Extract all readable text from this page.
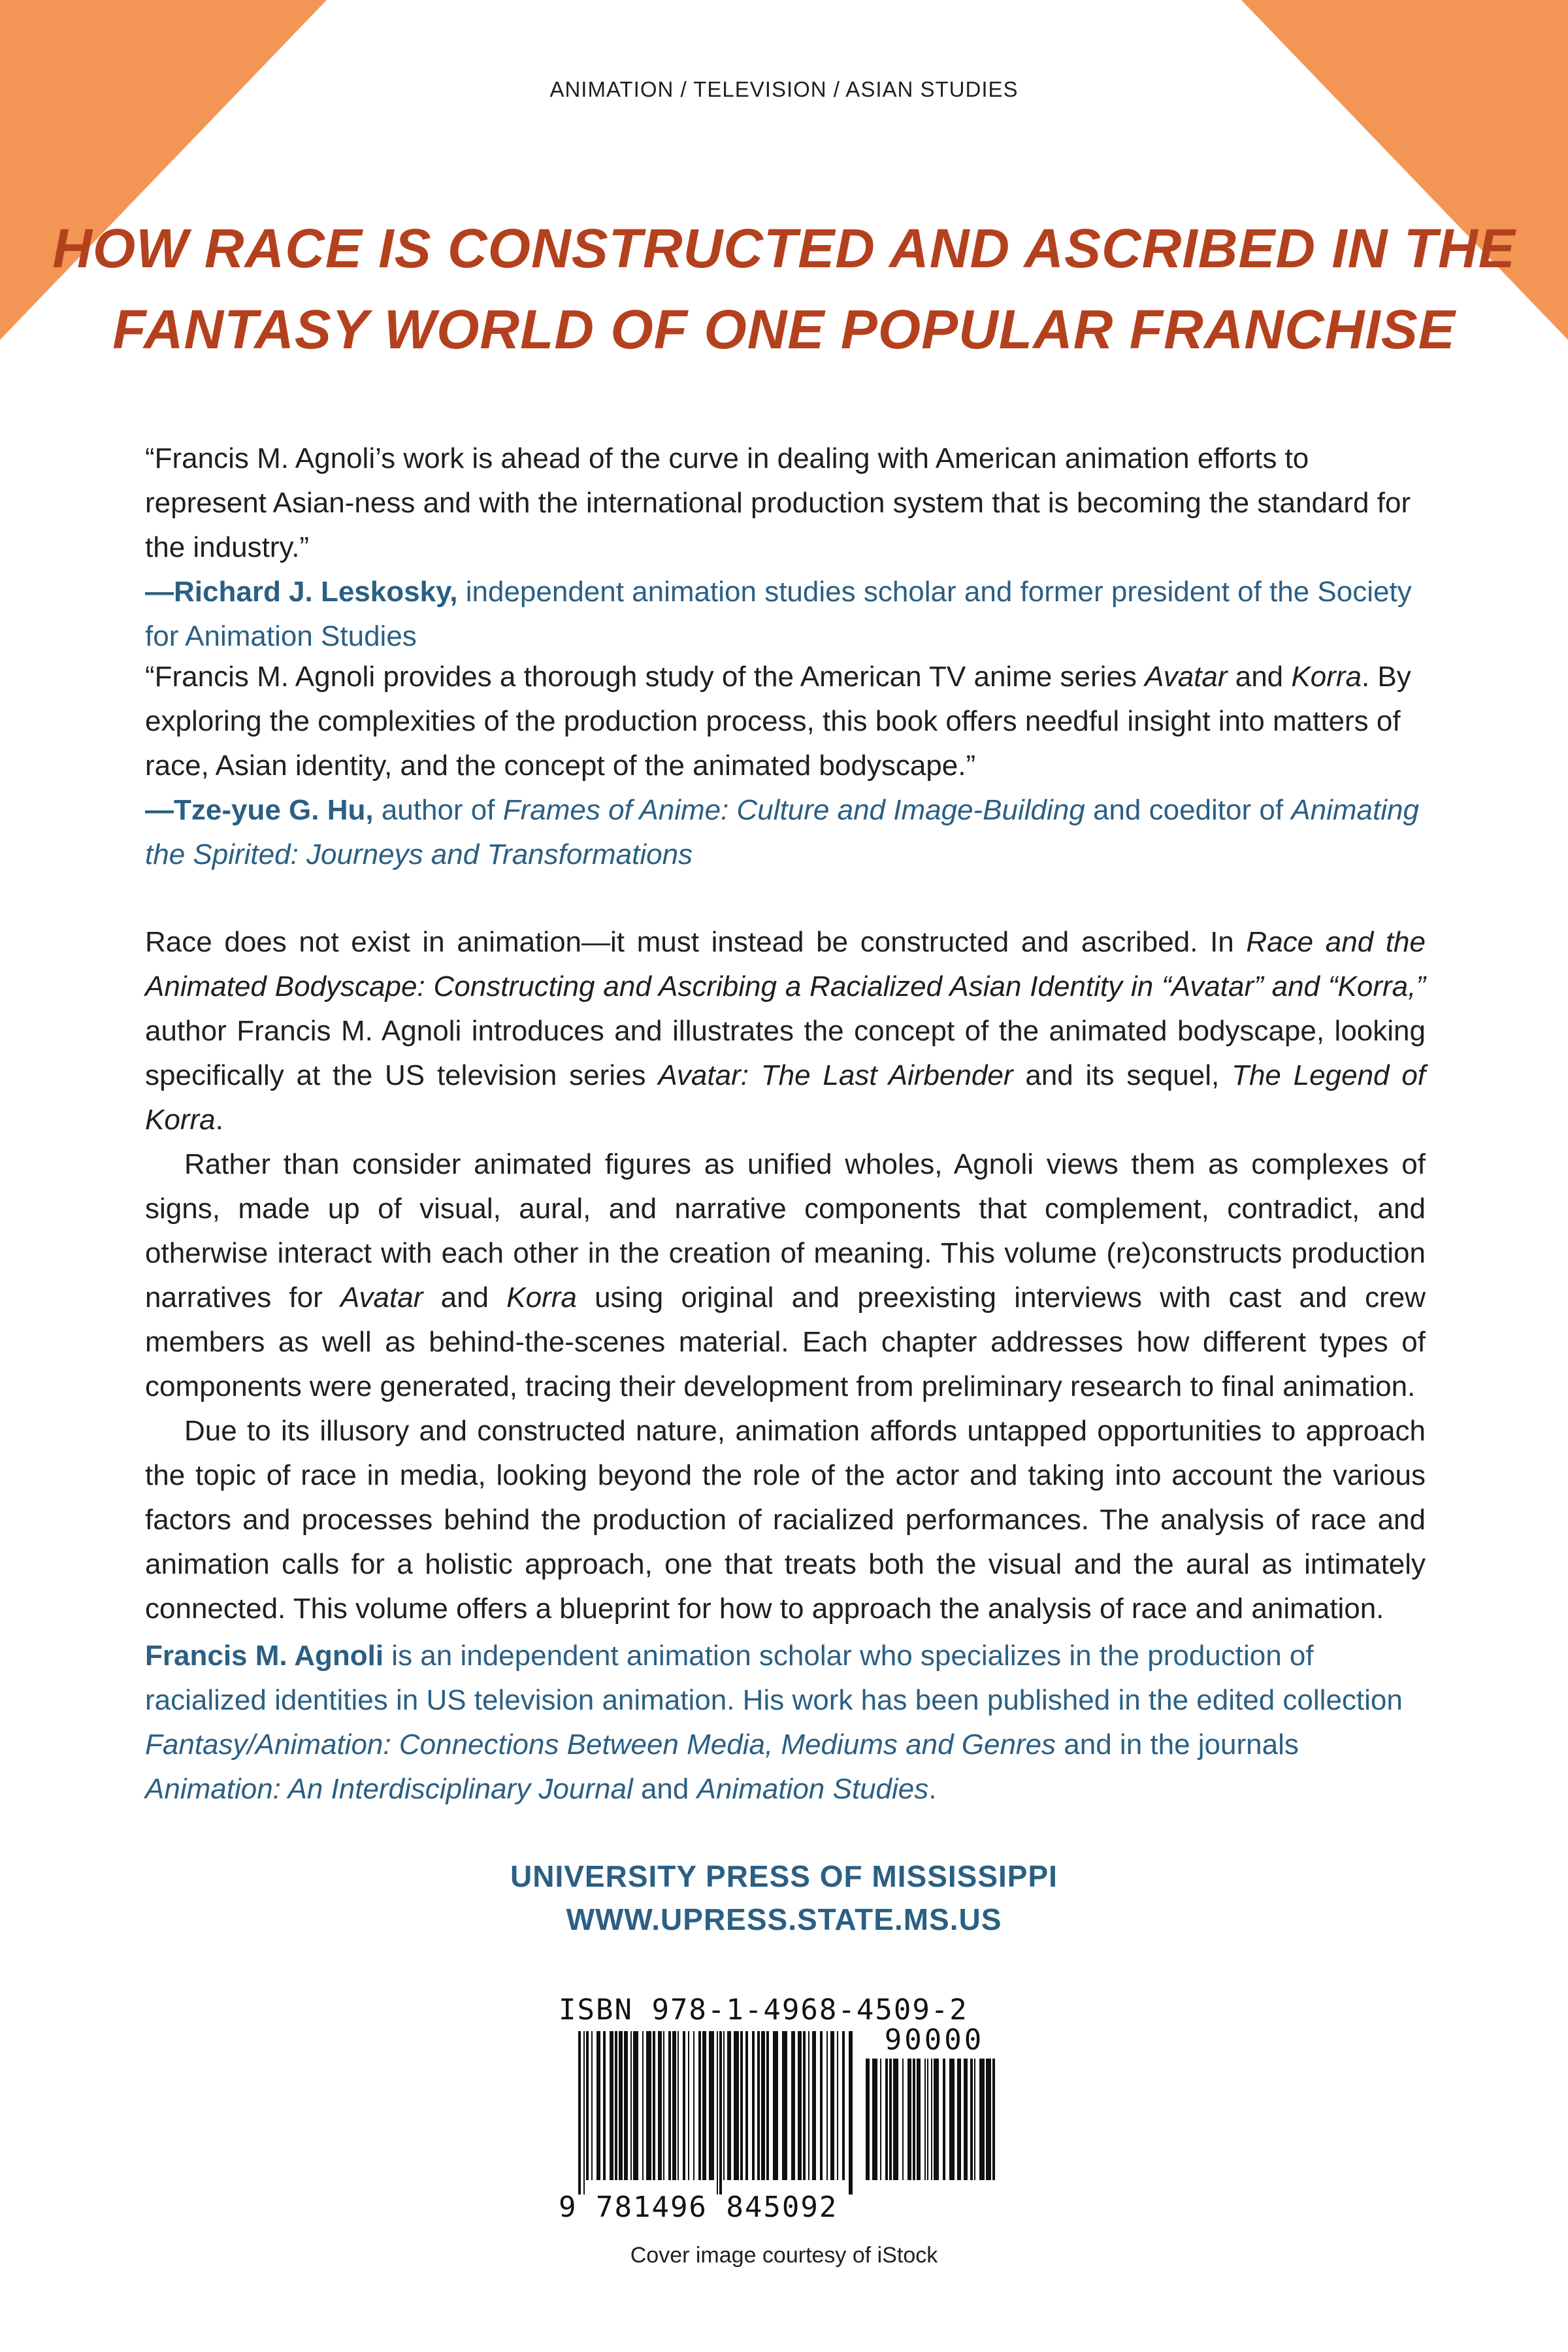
ANIMATION / TELEVISION / ASIAN STUDIES
HOW RACE IS CONSTRUCTED AND ASCRIBED IN THE
FANTASY WORLD OF ONE POPULAR FRANCHISE
“Francis M. Agnoli’s work is ahead of the curve in dealing with American animation efforts to represent Asian-ness and with the international production system that is becoming the standard for the industry.”
—Richard J. Leskosky, independent animation studies scholar and former president of the Society for Animation Studies
“Francis M. Agnoli provides a thorough study of the American TV anime series Avatar and Korra. By exploring the complexities of the production process, this book offers needful insight into matters of race, Asian identity, and the concept of the animated bodyscape.”
—Tze-yue G. Hu, author of Frames of Anime: Culture and Image-Building and coeditor of Animating the Spirited: Journeys and Transformations

Race does not exist in animation—it must instead be constructed and ascribed. In Race and the Animated Bodyscape: Constructing and Ascribing a Racialized Asian Identity in “Avatar” and “Korra,” author Francis M. Agnoli introduces and illustrates the concept of the animated bodyscape, looking specifically at the US television series Avatar: The Last Airbender and its sequel, The Legend of Korra.

Rather than consider animated figures as unified wholes, Agnoli views them as complexes of signs, made up of visual, aural, and narrative components that complement, contradict, and otherwise interact with each other in the creation of meaning. This volume (re)constructs production narratives for Avatar and Korra using original and preexisting interviews with cast and crew members as well as behind-the-scenes material. Each chapter addresses how different types of components were generated, tracing their development from preliminary research to final animation.

Due to its illusory and constructed nature, animation affords untapped opportunities to approach the topic of race in media, looking beyond the role of the actor and taking into account the various factors and processes behind the production of racialized performances. The analysis of race and animation calls for a holistic approach, one that treats both the visual and the aural as intimately connected. This volume offers a blueprint for how to approach the analysis of race and animation.

Francis M. Agnoli is an independent animation scholar who specializes in the production of racialized identities in US television animation. His work has been published in the edited collection Fantasy/Animation: Connections Between Media, Mediums and Genres and in the journals Animation: An Interdisciplinary Journal and Animation Studies.
UNIVERSITY PRESS OF MISSISSIPPI
WWW.UPRESS.STATE.MS.US
ISBN 978-1-4968-4509-2
90000
9 781496 845092
Cover image courtesy of iStock
